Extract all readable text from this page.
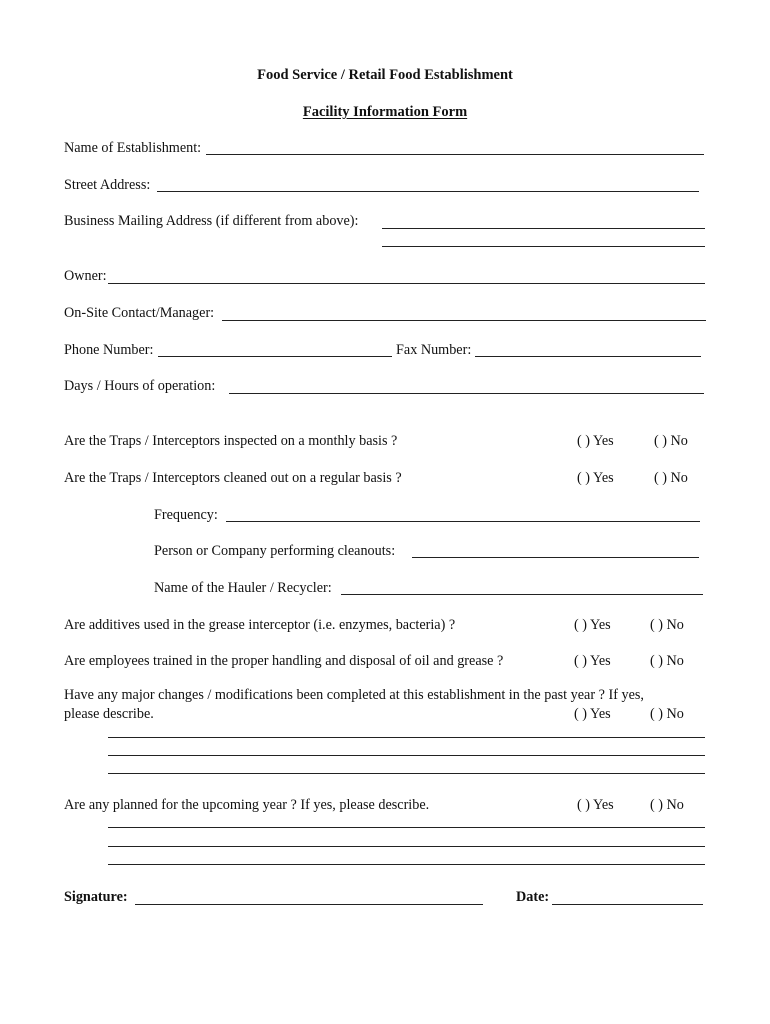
Food Service / Retail Food Establishment
Facility Information Form
Name of Establishment:
Street Address:
Business Mailing Address (if different from above):
Owner:
On-Site Contact/Manager:
Phone Number:	Fax Number:
Days / Hours of operation:
Are the Traps / Interceptors inspected on a monthly basis ?	( ) Yes	( ) No
Are the Traps / Interceptors cleaned out on a regular basis ?	( ) Yes	( ) No
Frequency:
Person or Company performing cleanouts:
Name of the Hauler / Recycler:
Are additives used in the grease interceptor (i.e. enzymes, bacteria) ?	( ) Yes	( ) No
Are employees trained in the proper handling and disposal of oil and grease ?	( ) Yes	( ) No
Have any major changes / modifications been completed at this establishment in the past year ? If yes,
please describe.	( ) Yes	( ) No
Are any planned for the upcoming year ? If yes, please describe.	( ) Yes	( ) No
Signature:	Date:
